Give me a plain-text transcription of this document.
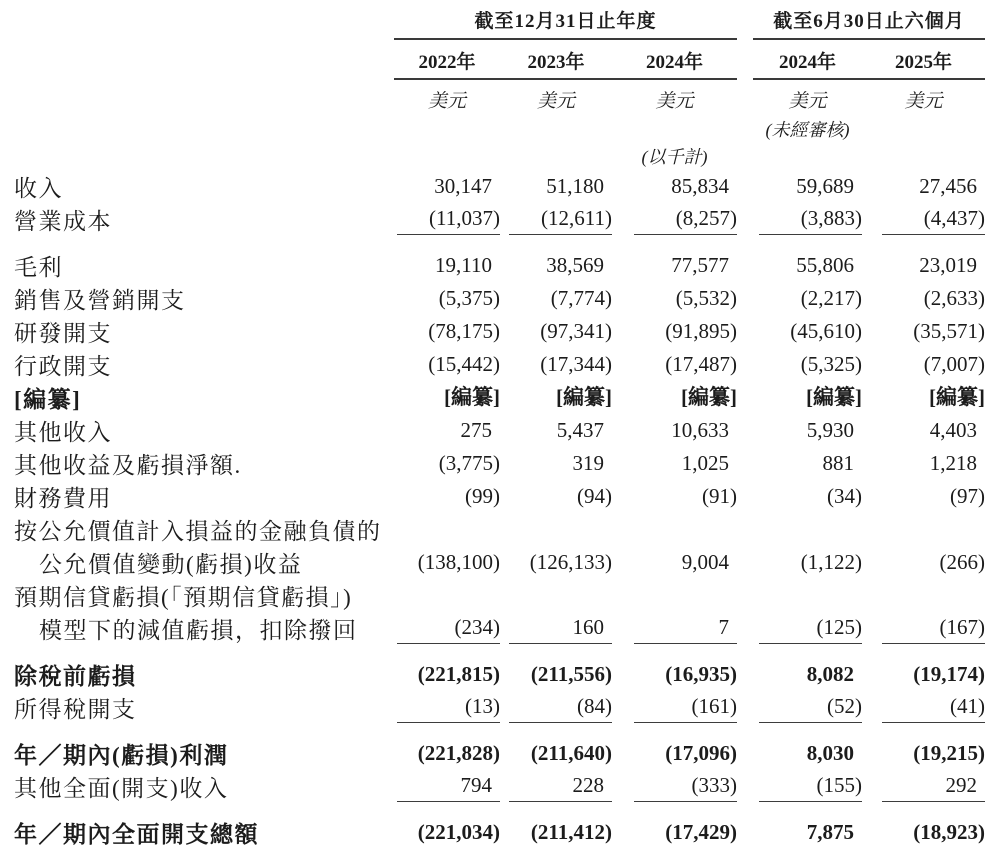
	截至12月31日止年度				截至6月30日止六個月	

	2022年	2023年	2024年		2024年	2025年

	美元	美元	美元		美元	美元

					(未經審核)	

			(以千計)			

收入	30,147	51,180	85,834		59,689	27,456
營業成本	(11,037)	(12,611)	(8,257)		(3,883)	(4,437)
毛利	19,110	38,569	77,577		55,806	23,019
銷售及營銷開支	(5,375)	(7,774)	(5,532)		(2,217)	(2,633)
研發開支	(78,175)	(97,341)	(91,895)		(45,610)	(35,571)
行政開支	(15,442)	(17,344)	(17,487)		(5,325)	(7,007)
[編纂]	[編纂]	[編纂]	[編纂]		[編纂]	[編纂]
其他收入	275	5,437	10,633		5,930	4,403
其他收益及虧損淨額.	(3,775)	319	1,025		881	1,218
財務費用	(99)	(94)	(91)		(34)	(97)
按公允價值計入損益的金融負債的						
公允價值變動(虧損)收益	(138,100)	(126,133)	9,004		(1,122)	(266)
預期信貸虧損(「預期信貸虧損」)						
模型下的減值虧損，扣除撥回	(234)	160	7		(125)	(167)
除稅前虧損	(221,815)	(211,556)	(16,935)		8,082	(19,174)
所得稅開支	(13)	(84)	(161)		(52)	(41)
年／期內(虧損)利潤	(221,828)	(211,640)	(17,096)		8,030	(19,215)
其他全面(開支)收入	794	228	(333)		(155)	292
年／期內全面開支總額	(221,034)	(211,412)	(17,429)		7,875	(18,923)
